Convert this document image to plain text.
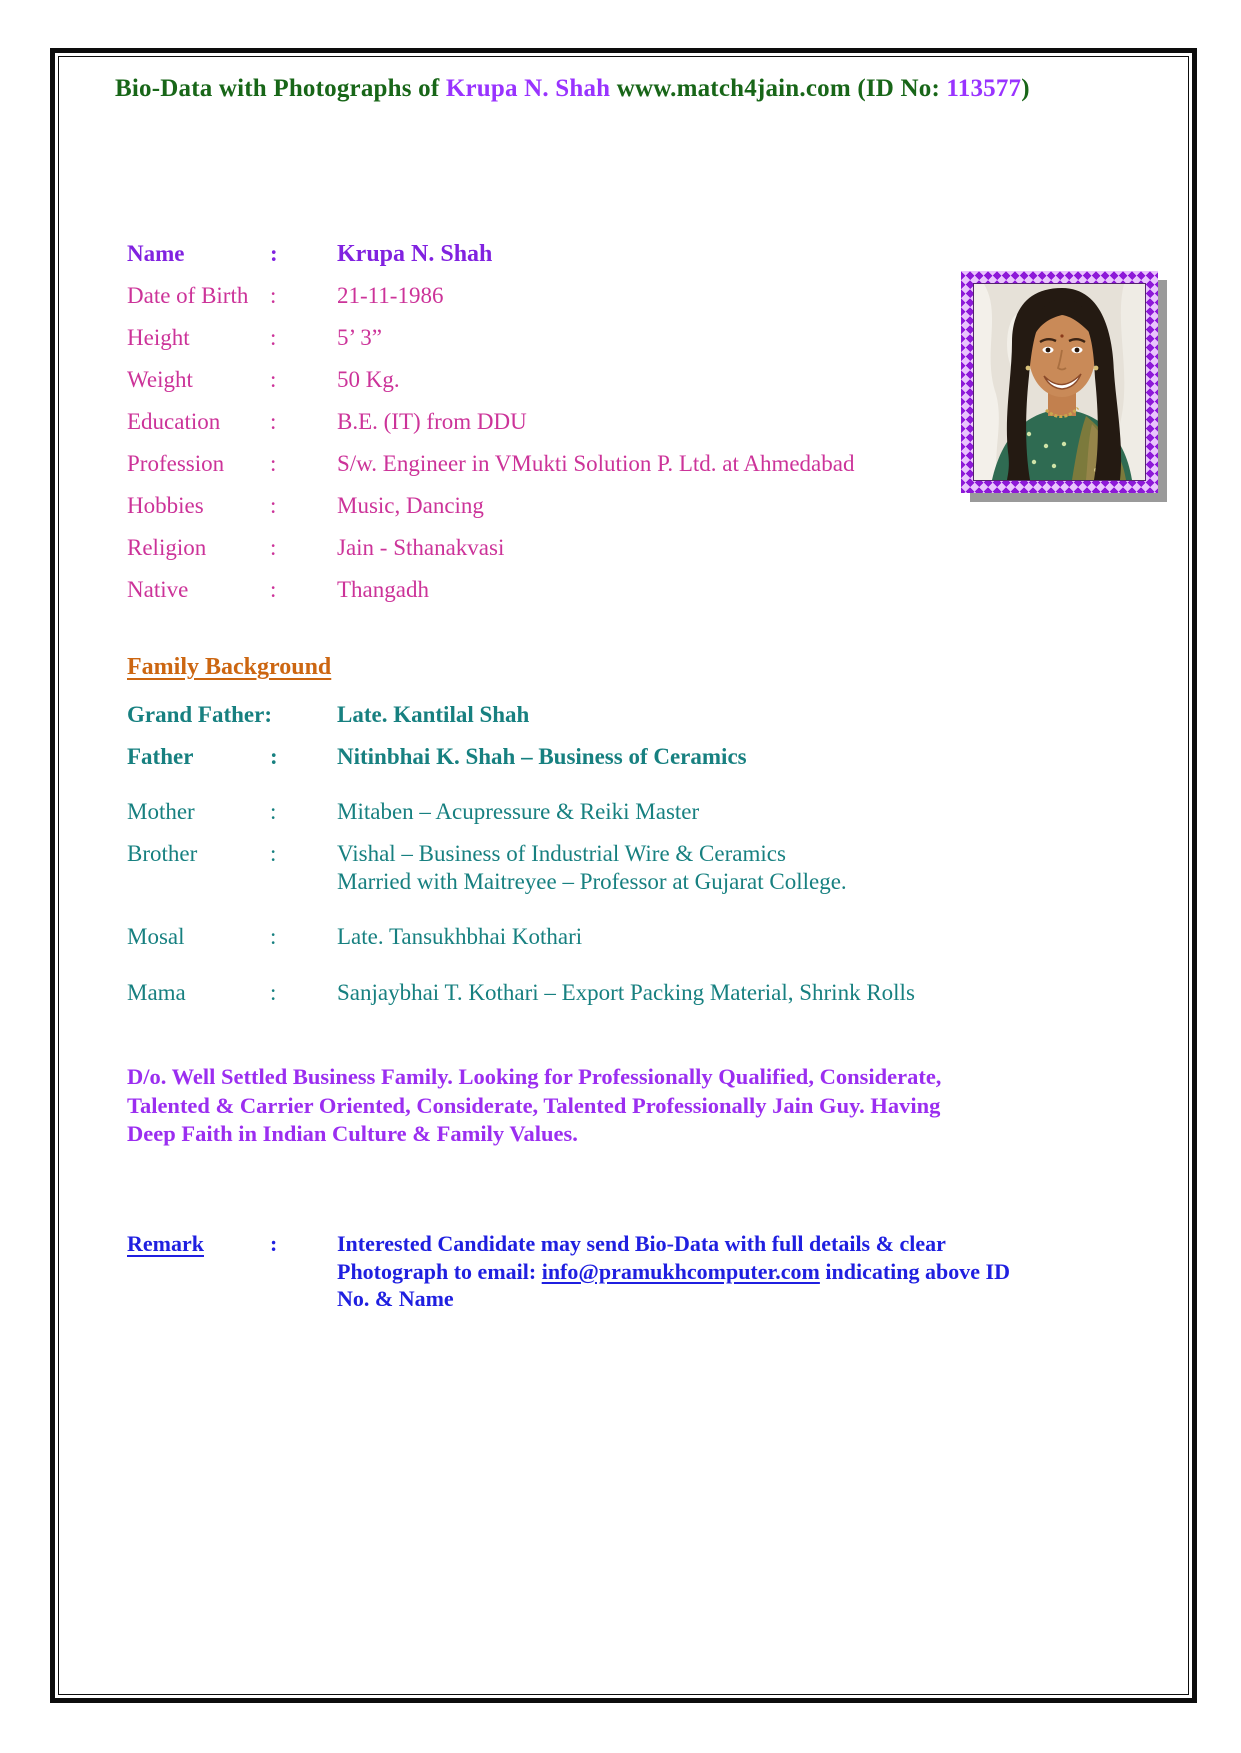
Bio-Data with Photographs of Krupa N. Shah www.match4jain.com (ID No: 113577)
Name	:	Krupa N. Shah
Date of Birth :	21-11-1986
Height	:	5’ 3”
Weight	:	50 Kg.
Education	:	B.E. (IT) from DDU
Profession	:	S/w. Engineer in VMukti Solution P. Ltd. at Ahmedabad
Hobbies	:	Music, Dancing
Religion	:	Jain - Sthanakvasi
Native	:	Thangadh
Family Background
Grand Father:	Late. Kantilal Shah
Father	:	Nitinbhai K. Shah – Business of Ceramics
Mother	:	Mitaben – Acupressure & Reiki Master
Brother	:	Vishal – Business of Industrial Wire & Ceramics
Married with Maitreyee – Professor at Gujarat College.
Mosal	:	Late. Tansukhbhai Kothari
Mama	:	Sanjaybhai T. Kothari – Export Packing Material, Shrink Rolls
D/o. Well Settled Business Family. Looking for Professionally Qualified, Considerate,
Talented & Carrier Oriented, Considerate, Talented Professionally Jain Guy. Having
Deep Faith in Indian Culture & Family Values.
Remark	:	Interested Candidate may send Bio-Data with full details & clear
Photograph to email: info@pramukhcomputer.com indicating above ID
No. & Name
